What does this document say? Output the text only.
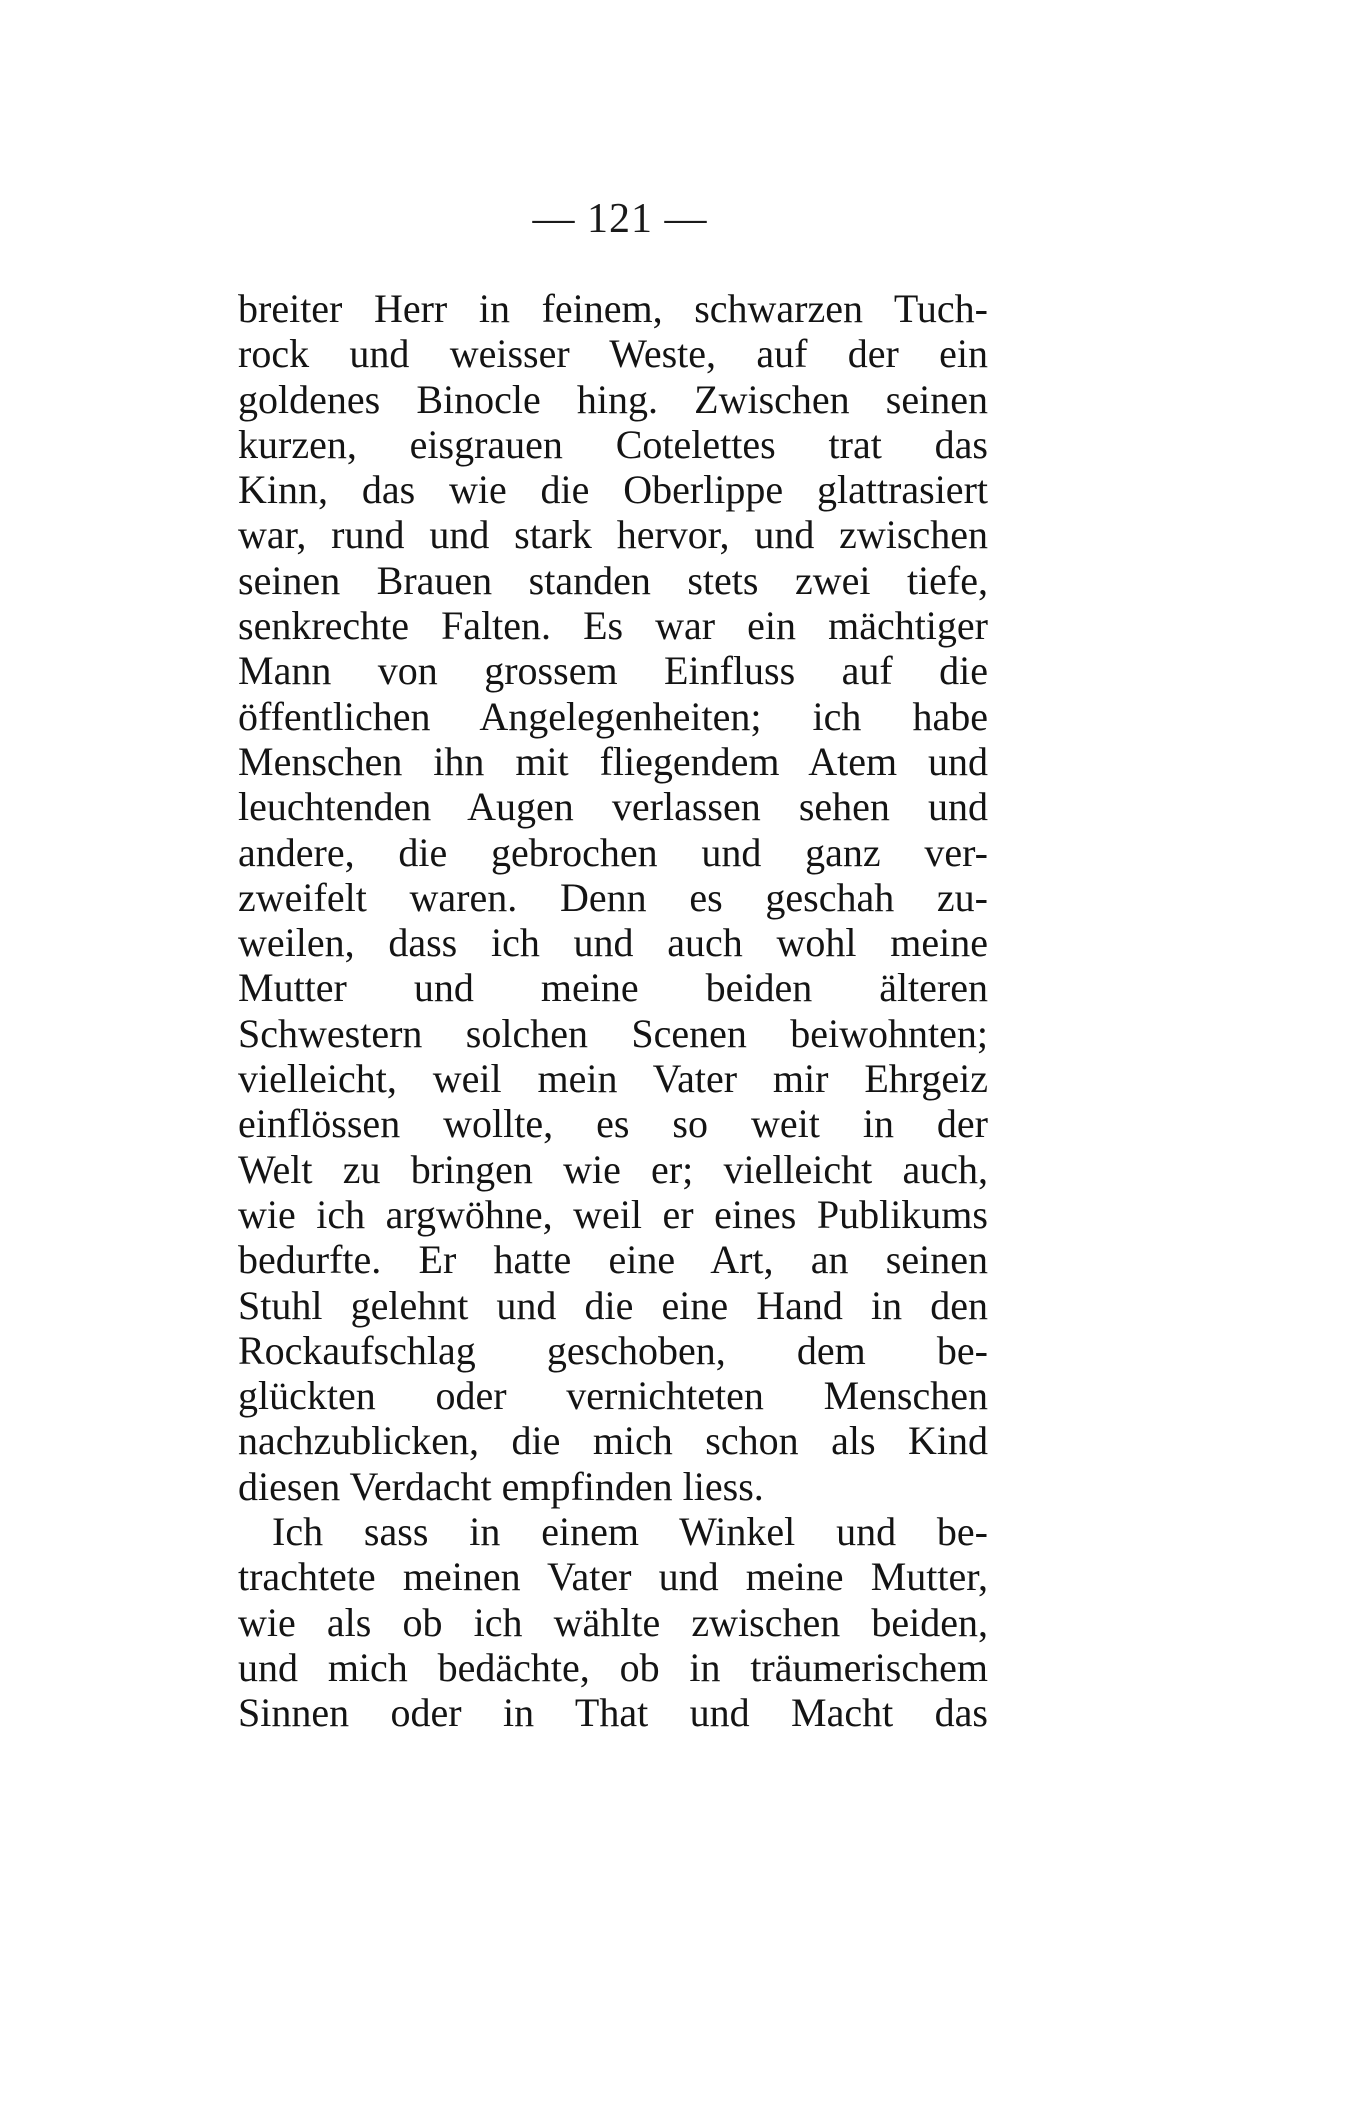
— 121 —
breiter Herr in feinem, schwarzen Tuch-
rock und weisser Weste, auf der ein
goldenes Binocle hing. Zwischen seinen
kurzen, eisgrauen Cotelettes trat das
Kinn, das wie die Oberlippe glattrasiert
war, rund und stark hervor, und zwischen
seinen Brauen standen stets zwei tiefe,
senkrechte Falten. Es war ein mächtiger
Mann von grossem Einfluss auf die
öffentlichen Angelegenheiten; ich habe
Menschen ihn mit fliegendem Atem und
leuchtenden Augen verlassen sehen und
andere, die gebrochen und ganz ver-
zweifelt waren. Denn es geschah zu-
weilen, dass ich und auch wohl meine
Mutter und meine beiden älteren
Schwestern solchen Scenen beiwohnten;
vielleicht, weil mein Vater mir Ehrgeiz
einflössen wollte, es so weit in der
Welt zu bringen wie er; vielleicht auch,
wie ich argwöhne, weil er eines Publikums
bedurfte. Er hatte eine Art, an seinen
Stuhl gelehnt und die eine Hand in den
Rockaufschlag geschoben, dem be-
glückten oder vernichteten Menschen
nachzublicken, die mich schon als Kind
diesen Verdacht empfinden liess.
Ich sass in einem Winkel und be-
trachtete meinen Vater und meine Mutter,
wie als ob ich wählte zwischen beiden,
und mich bedächte, ob in träumerischem
Sinnen oder in That und Macht das
